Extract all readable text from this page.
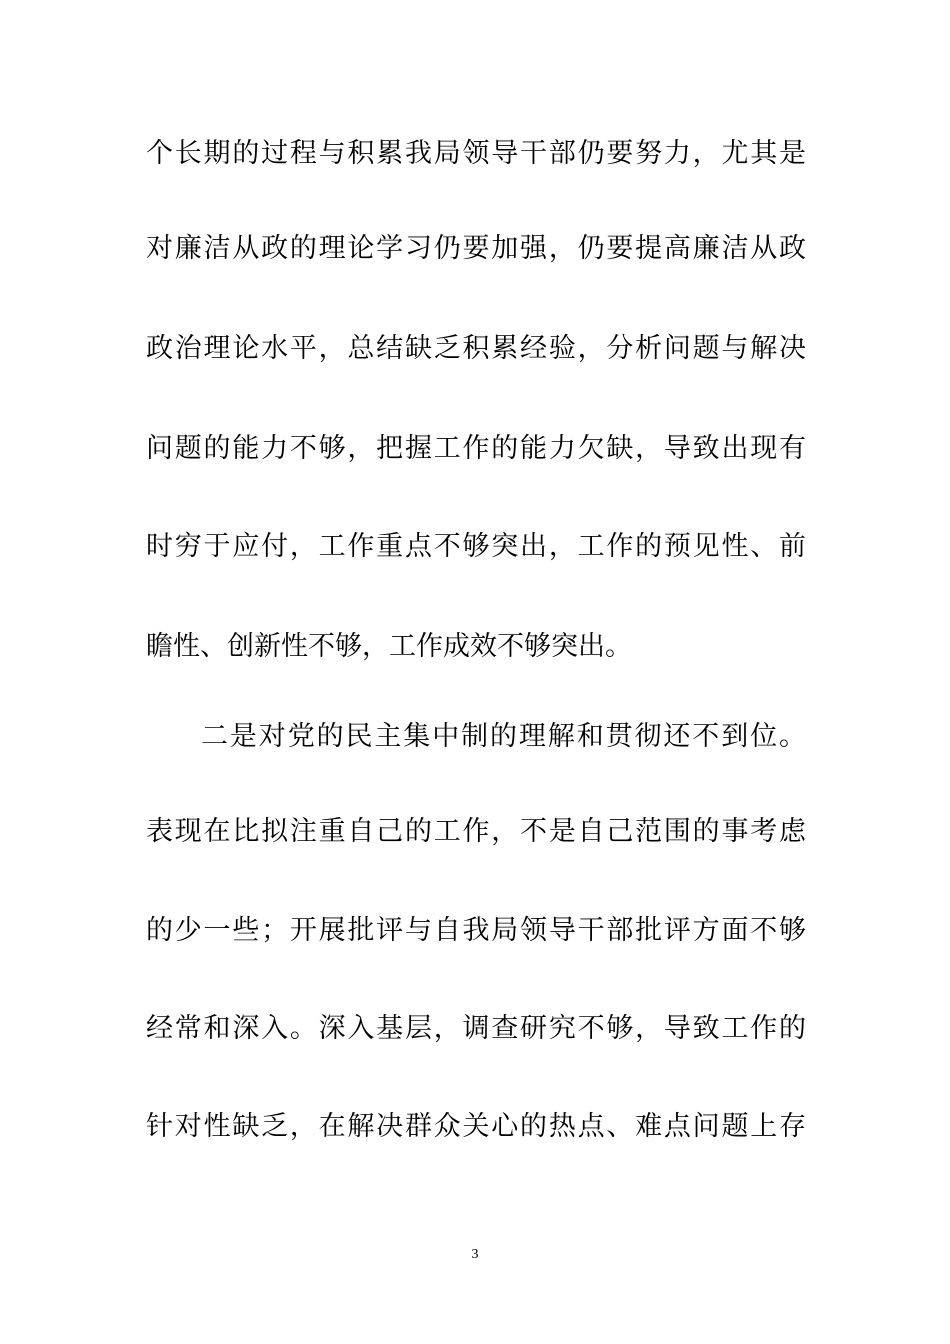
个长期的过程与积累我局领导干部仍要努力，尤其是
对廉洁从政的理论学习仍要加强，仍要提高廉洁从政
政治理论水平，总结缺乏积累经验，分析问题与解决
问题的能力不够，把握工作的能力欠缺，导致出现有
时穷于应付，工作重点不够突出，工作的预见性、前
瞻性、创新性不够，工作成效不够突出。
二是对党的民主集中制的理解和贯彻还不到位。
表现在比拟注重自己的工作，不是自己范围的事考虑
的少一些；开展批评与自我局领导干部批评方面不够
经常和深入。深入基层，调查研究不够，导致工作的
针对性缺乏，在解决群众关心的热点、难点问题上存
3
